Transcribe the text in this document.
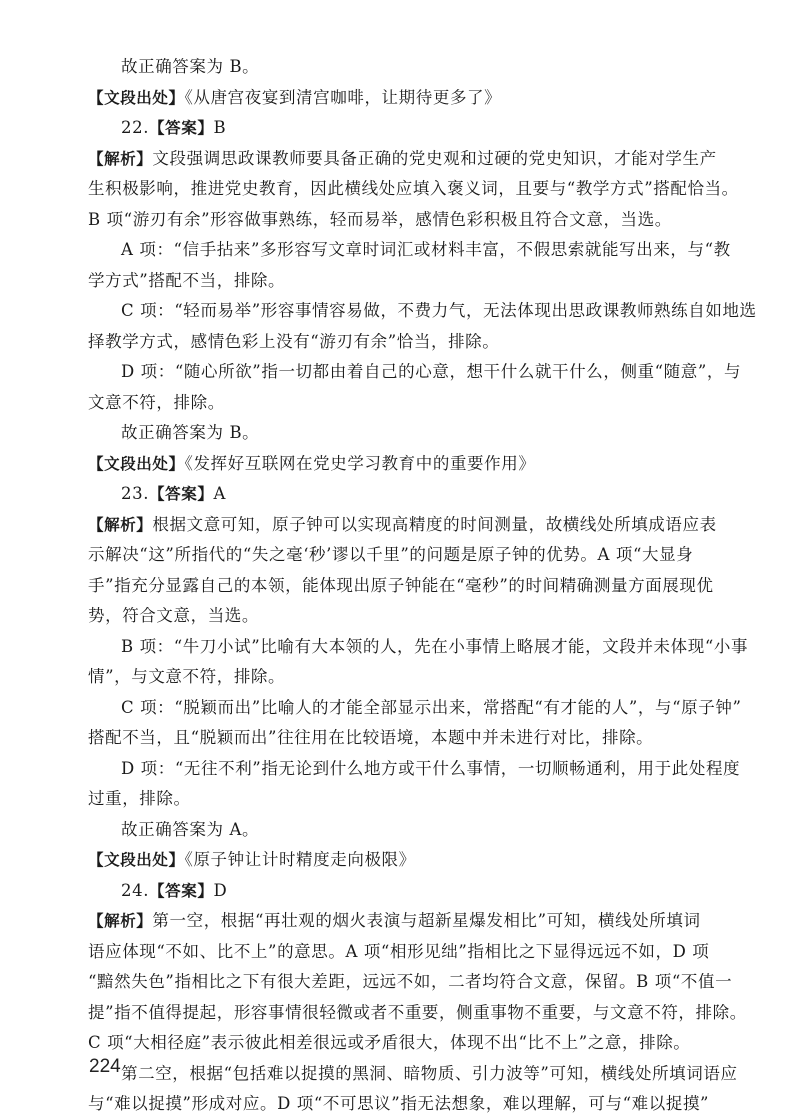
故正确答案为 B。
【文段出处】《从唐宫夜宴到清宫咖啡，让期待更多了》
22.【答案】B
【解析】文段强调思政课教师要具备正确的党史观和过硬的党史知识，才能对学生产
生积极影响，推进党史教育，因此横线处应填入褒义词，且要与“教学方式”搭配恰当。
B 项“游刃有余”形容做事熟练，轻而易举，感情色彩积极且符合文意，当选。
A 项：“信手拈来”多形容写文章时词汇或材料丰富，不假思索就能写出来，与“教
学方式”搭配不当，排除。
C 项：“轻而易举”形容事情容易做，不费力气，无法体现出思政课教师熟练自如地选
择教学方式，感情色彩上没有“游刃有余”恰当，排除。
D 项：“随心所欲”指一切都由着自己的心意，想干什么就干什么，侧重“随意”，与
文意不符，排除。
故正确答案为 B。
【文段出处】《发挥好互联网在党史学习教育中的重要作用》
23.【答案】A
【解析】根据文意可知，原子钟可以实现高精度的时间测量，故横线处所填成语应表
示解决“这”所指代的“失之毫‘秒’谬以千里”的问题是原子钟的优势。A 项“大显身
手”指充分显露自己的本领，能体现出原子钟能在“毫秒”的时间精确测量方面展现优
势，符合文意，当选。
B 项：“牛刀小试”比喻有大本领的人，先在小事情上略展才能，文段并未体现“小事
情”，与文意不符，排除。
C 项：“脱颖而出”比喻人的才能全部显示出来，常搭配“有才能的人”，与“原子钟”
搭配不当，且“脱颖而出”往往用在比较语境，本题中并未进行对比，排除。
D 项：“无往不利”指无论到什么地方或干什么事情，一切顺畅通利，用于此处程度
过重，排除。
故正确答案为 A。
【文段出处】《原子钟让计时精度走向极限》
24.【答案】D
【解析】第一空，根据“再壮观的烟火表演与超新星爆发相比”可知，横线处所填词
语应体现“不如、比不上”的意思。A 项“相形见绌”指相比之下显得远远不如，D 项
“黯然失色”指相比之下有很大差距，远远不如，二者均符合文意，保留。B 项“不值一
提”指不值得提起，形容事情很轻微或者不重要，侧重事物不重要，与文意不符，排除。
C 项“大相径庭”表示彼此相差很远或矛盾很大，体现不出“比不上”之意，排除。
第二空，根据“包括难以捉摸的黑洞、暗物质、引力波等”可知，横线处所填词语应
与“难以捉摸”形成对应。D 项“不可思议”指无法想象，难以理解，可与“难以捉摸”
224
